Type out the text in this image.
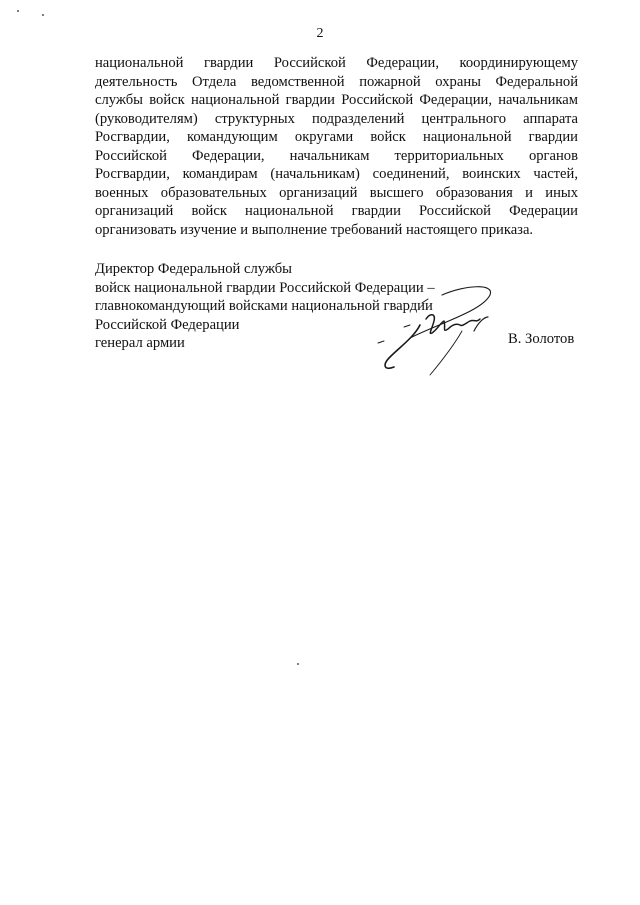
2
национальной гвардии Российской Федерации, координирующему
деятельность Отдела ведомственной пожарной охраны Федеральной
службы войск национальной гвардии Российской Федерации, начальникам
(руководителям) структурных подразделений центрального аппарата
Росгвардии, командующим округами войск национальной гвардии
Российской Федерации, начальникам территориальных органов
Росгвардии, командирам (начальникам) соединений, воинских частей,
военных образовательных организаций высшего образования и иных
организаций войск национальной гвардии Российской Федерации
организовать изучение и выполнение требований настоящего приказа.
Директор Федеральной службы
войск национальной гвардии Российской Федерации –
главнокомандующий войсками национальной гвардии
Российской Федерации
генерал армии	В. Золотов
